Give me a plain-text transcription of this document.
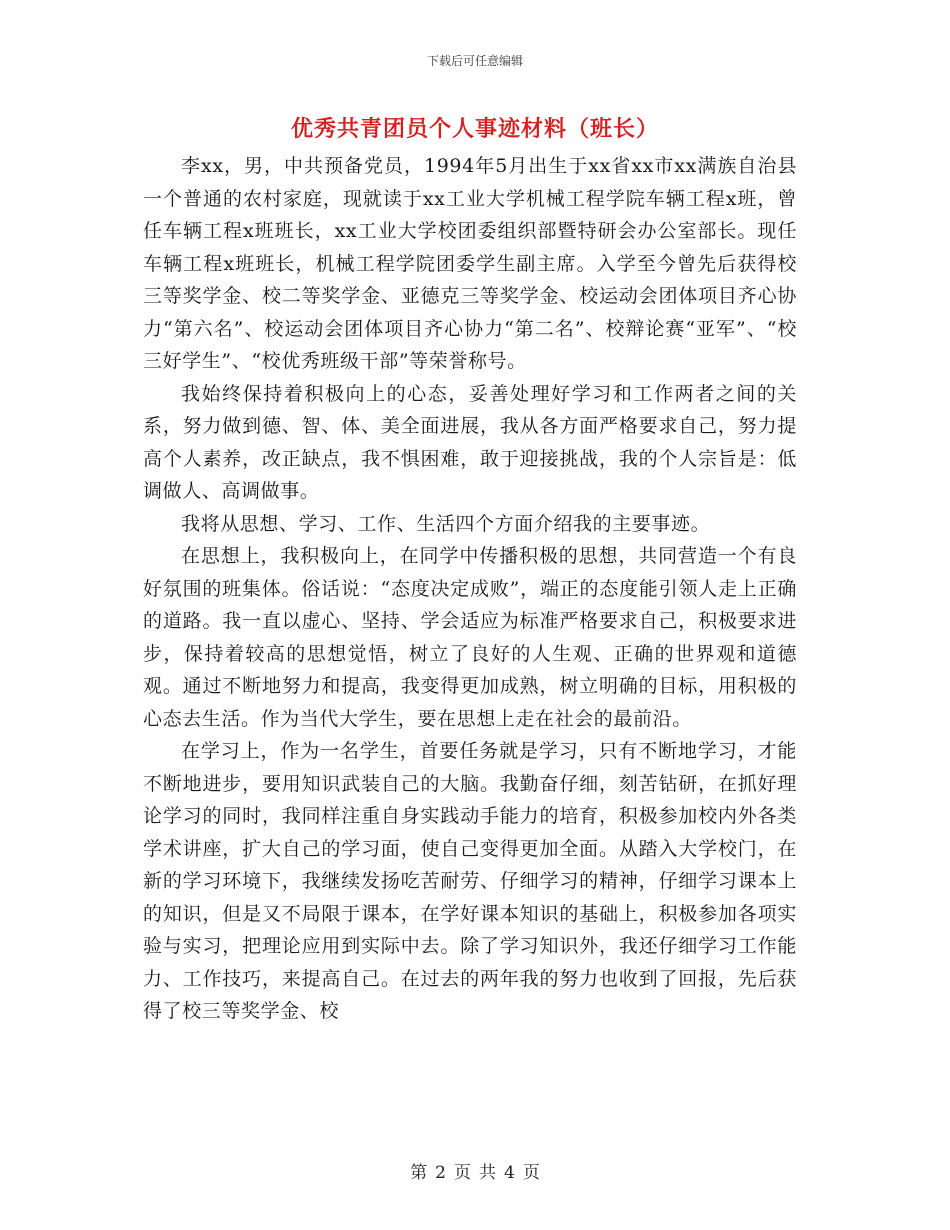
下载后可任意编辑
优秀共青团员个人事迹材料（班长）

李xx，男，中共预备党员，1994年5月出生于xx省xx市xx满族自治县一个普通的农村家庭，现就读于xx工业大学机械工程学院车辆工程x班，曾任车辆工程x班班长，xx工业大学校团委组织部暨特研会办公室部长。现任车辆工程x班班长，机械工程学院团委学生副主席。入学至今曾先后获得校三等奖学金、校二等奖学金、亚德克三等奖学金、校运动会团体项目齐心协力“第六名”、校运动会团体项目齐心协力“第二名”、校辩论赛“亚军”、“校三好学生”、“校优秀班级干部”等荣誉称号。

我始终保持着积极向上的心态，妥善处理好学习和工作两者之间的关系，努力做到德、智、体、美全面进展，我从各方面严格要求自己，努力提高个人素养，改正缺点，我不惧困难，敢于迎接挑战，我的个人宗旨是：低调做人、高调做事。

我将从思想、学习、工作、生活四个方面介绍我的主要事迹。

在思想上，我积极向上，在同学中传播积极的思想，共同营造一个有良好氛围的班集体。俗话说：“态度决定成败”，端正的态度能引领人走上正确的道路。我一直以虚心、坚持、学会适应为标准严格要求自己，积极要求进步，保持着较高的思想觉悟，树立了良好的人生观、正确的世界观和道德观。通过不断地努力和提高，我变得更加成熟，树立明确的目标，用积极的心态去生活。作为当代大学生，要在思想上走在社会的最前沿。

在学习上，作为一名学生，首要任务就是学习，只有不断地学习，才能不断地进步，要用知识武装自己的大脑。我勤奋仔细，刻苦钻研，在抓好理论学习的同时，我同样注重自身实践动手能力的培育，积极参加校内外各类学术讲座，扩大自己的学习面，使自己变得更加全面。从踏入大学校门，在新的学习环境下，我继续发扬吃苦耐劳、仔细学习的精神，仔细学习课本上的知识，但是又不局限于课本，在学好课本知识的基础上，积极参加各项实验与实习，把理论应用到实际中去。除了学习知识外，我还仔细学习工作能力、工作技巧，来提高自己。在过去的两年我的努力也收到了回报，先后获得了校三等奖学金、校

第 2 页 共 4 页
